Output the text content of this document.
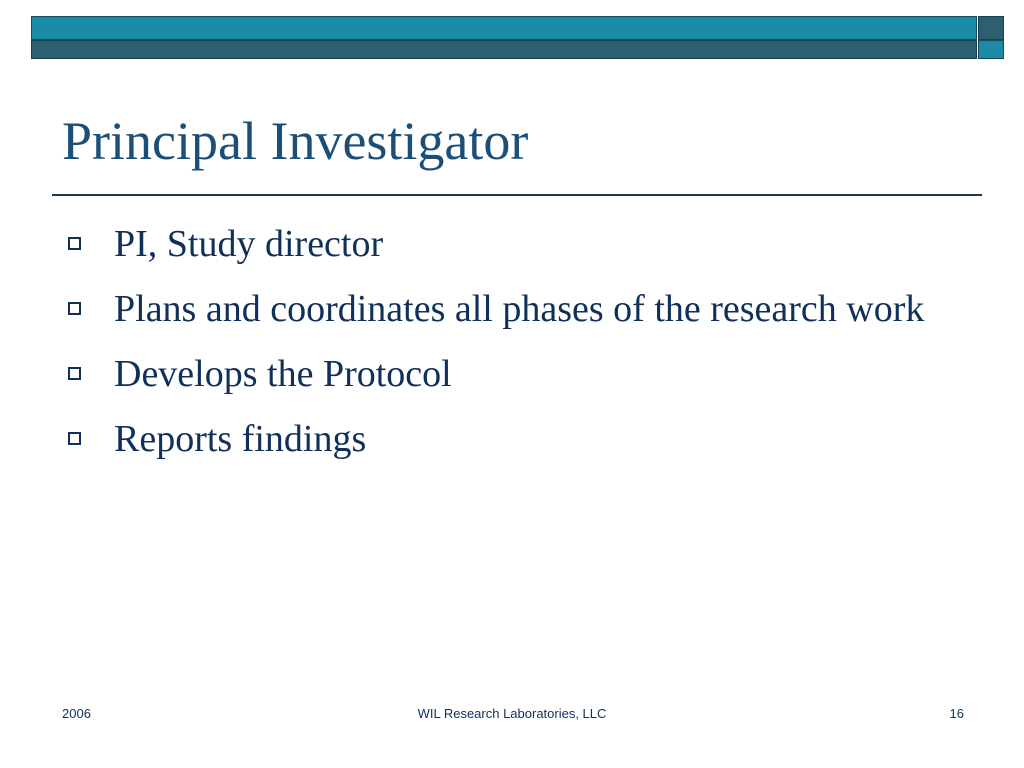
Principal Investigator
PI, Study director
Plans and coordinates all phases of the research work
Develops the Protocol
Reports findings
2006	WIL Research Laboratories, LLC	16
